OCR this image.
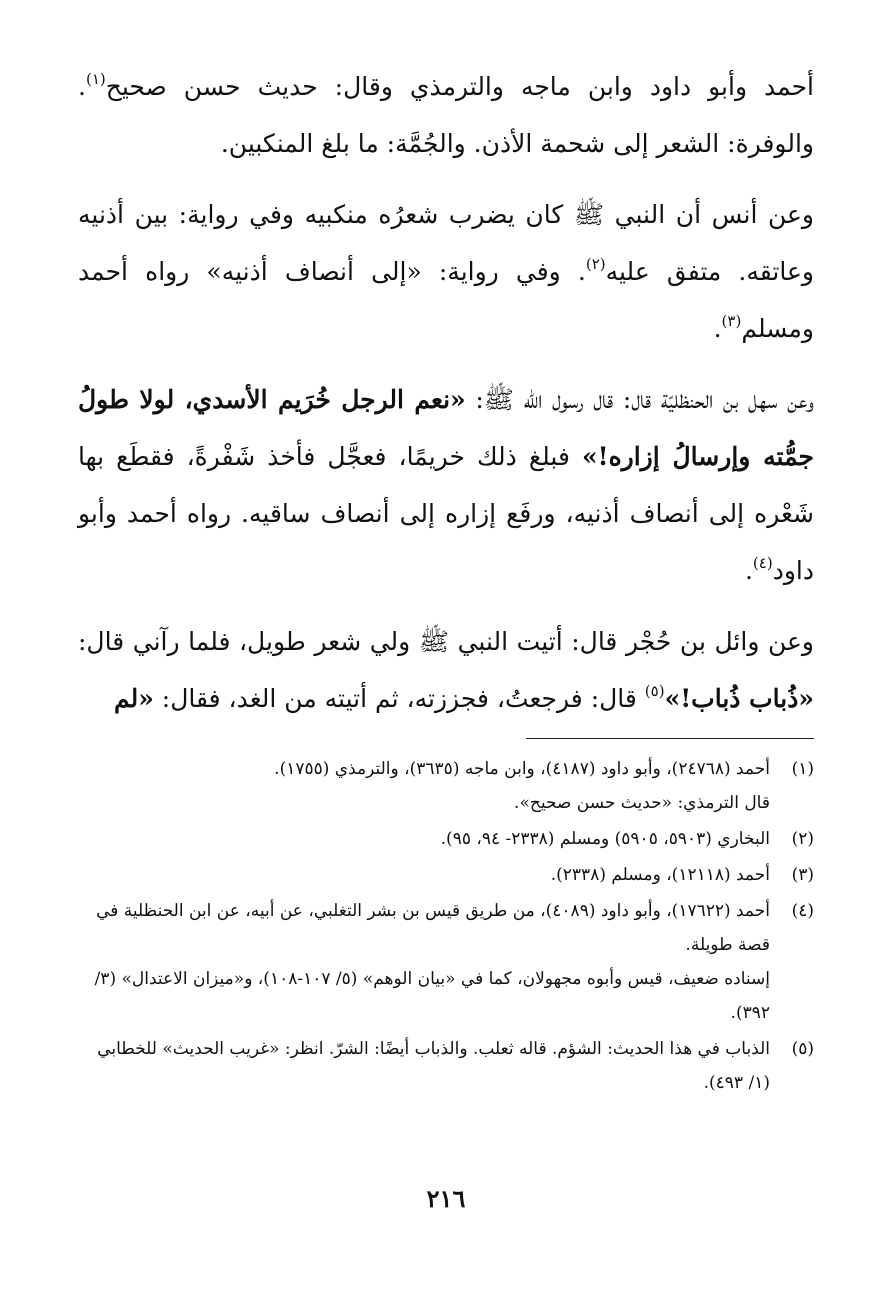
أحمد وأبو داود وابن ماجه والترمذي وقال: حديث حسن صحيح$^{(١)}$. والوفرة: الشعر إلى شحمة الأذن. والجُمَّة: ما بلغ المنكبين.

وعن أنس أن النبي ﷺ كان يضرب شعرُه منكبيه وفي رواية: بين أذنيه وعاتقه. متفق عليه$^{(٢)}$. وفي رواية: «إلى أنصاف أذنيه» رواه أحمد ومسلم$^{(٣)}$.

وعن سهل بن الحنظليّة قال: قال رسول الله ﷺ: «نعم الرجل خُرَيم الأسدي، لولا طولُ جمُّته وإرسالُ إزاره!» فبلغ ذلك خريمًا، فعجَّل فأخذ شَفْرةً، فقطَع بها شَعْره إلى أنصاف أذنيه، ورفَع إزاره إلى أنصاف ساقيه. رواه أحمد وأبو داود$^{(٤)}$.

وعن وائل بن حُجْر قال: أتيت النبي ﷺ ولي شعر طويل، فلما رآني قال: «ذُباب ذُباب!»$^{(٥)}$ قال: فرجعتُ، فجززته، ثم أتيته من الغد، فقال: «لم

(١)
أحمد (٢٤٧٦٨)، وأبو داود (٤١٨٧)، وابن ماجه (٣٦٣٥)، والترمذي (١٧٥٥).
قال الترمذي: «حديث حسن صحيح».
(٢)
البخاري (٥٩٠٣، ٥٩٠٥) ومسلم (٢٣٣٨- ٩٤، ٩٥).
(٣)
أحمد (١٢١١٨)، ومسلم (٢٣٣٨).
(٤)
أحمد (١٧٦٢٢)، وأبو داود (٤٠٨٩)، من طريق قيس بن بشر التغلبي، عن أبيه، عن ابن الحنظلية في قصة طويلة.
إسناده ضعيف، قيس وأبوه مجهولان، كما في «بيان الوهم» (٥/ ١٠٧-١٠٨)، و«ميزان الاعتدال» (٣/ ٣٩٢).
(٥)
الذباب في هذا الحديث: الشؤم. قاله ثعلب. والذباب أيضًا: الشرّ. انظر: «غريب الحديث» للخطابي (١/ ٤٩٣).
٢١٦
